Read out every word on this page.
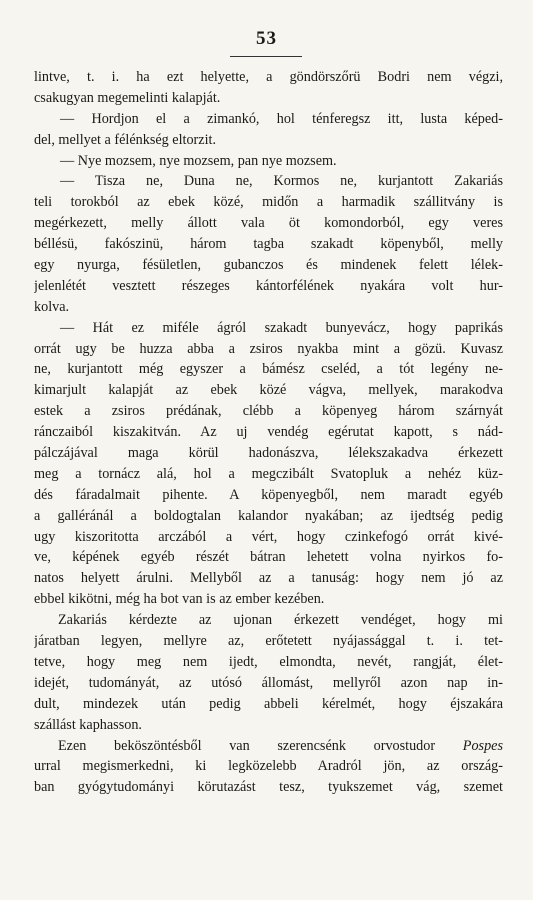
53
lintve, t. i. ha ezt helyette, a göndörszőrü Bodri nem végzi,
csakugyan megemelinti kalapját.
— Hordjon el a zimankó, hol ténferegsz itt, lusta képed-
del, mellyet a félénkség eltorzit.
— Nye mozsem, nye mozsem, pan nye mozsem.
— Tisza ne, Duna ne, Kormos ne, kurjantott Zakariás
teli torokból az ebek közé, midőn a harmadik szállitvány is
megérkezett, melly állott vala öt komondorból, egy veres
béllésü, fakószinü, három tagba szakadt köpenyből, melly
egy nyurga, fésületlen, gubanczos és mindenek felett lélek-
jelenlétét vesztett részeges kántorfélének nyakára volt hur-
kolva.
— Hát ez miféle ágról szakadt bunyevácz, hogy paprikás
orrát ugy be huzza abba a zsiros nyakba mint a gözü. Kuvasz
ne, kurjantott még egyszer a bámész cseléd, a tót legény ne-
kimarjult kalapját az ebek közé vágva, mellyek, marakodva
estek a zsiros prédának, clébb a köpenyeg három szárnyát
ránczaiból kiszakitván. Az uj vendég egérutat kapott, s nád-
pálczájával maga körül hadonászva, lélekszakadva érkezett
meg a tornácz alá, hol a megczibált Svatopluk a nehéz küz-
dés fáradalmait pihente. A köpenyegből, nem maradt egyéb
a galléránál a boldogtalan kalandor nyakában; az ijedtség pedig
ugy kiszoritotta arczából a vért, hogy czinkefogó orrát kivé-
ve, képének egyéb részét bátran lehetett volna nyirkos fo-
natos helyett árulni. Mellyből az a tanuság: hogy nem jó az
ebbel kikötni, még ha bot van is az ember kezében.
Zakariás kérdezte az ujonan érkezett vendéget, hogy mi
járatban legyen, mellyre az, erőtetett nyájassággal t. i. tet-
tetve, hogy meg nem ijedt, elmondta, nevét, rangját, élet-
idejét, tudományát, az utósó állomást, mellyről azon nap in-
dult, mindezek után pedig abbeli kérelmét, hogy éjszakára
szállást kaphasson.
Ezen beköszöntésből van szerencsénk orvostudor Pospes
urral megismerkedni, ki legközelebb Aradról jön, az ország-
ban gyógytudományi körutazást tesz, tyukszemet vág, szemet
